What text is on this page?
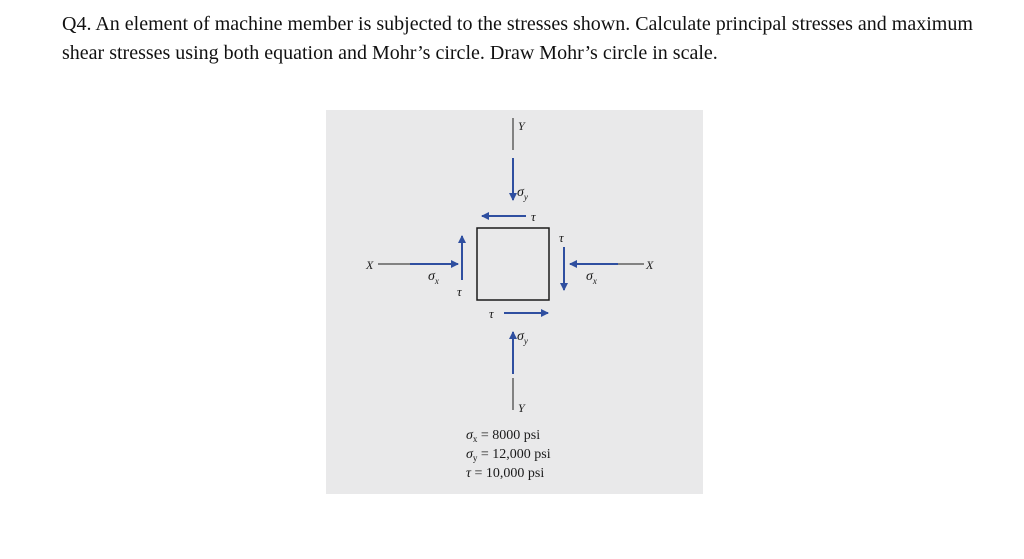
Q4. An element of machine member is subjected to the stresses shown. Calculate principal stresses and maximum shear stresses using both equation and Mohr’s circle. Draw Mohr’s circle in scale.
Y
Y
X	X
$\sigma_y$
$\sigma_y$
$\sigma_x$	$\sigma_x$
τ
τ
τ
τ
$\sigma_x = 8000$ psi
$\sigma_y = 12,000$ psi
τ = 10,000 psi
